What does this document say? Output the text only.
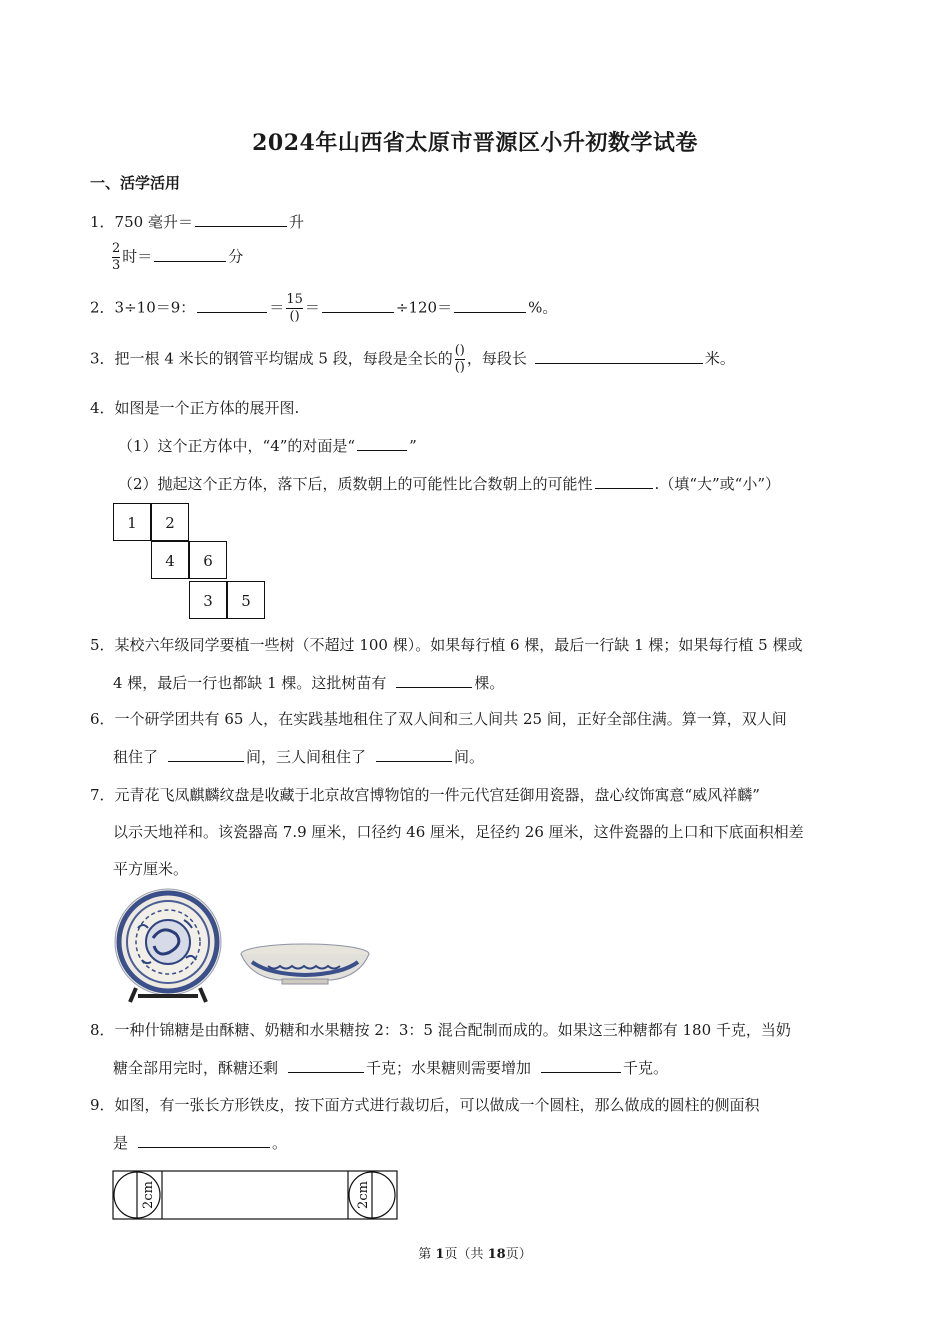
2024年山西省太原市晋源区小升初数学试卷
一、活学活用
1．750 毫升＝	升
$\frac{2}{3}$ 时＝	分
2．3÷10＝9：	＝ $\frac{15}{()}$ ＝	÷120＝	%。
3．把一根 4 米长的钢管平均锯成 5 段，每段是全长的 $\frac{()}{()}$ ，每段长	米。
4．如图是一个正方体的展开图.
（1）这个正方体中，“4”的对面是“	”
（2）抛起这个正方体，落下后，质数朝上的可能性比合数朝上的可能性	.（填“大”或“小”）
1	2
4	6
3	5
5．某校六年级同学要植一些树（不超过 100 棵）。如果每行植 6 棵，最后一行缺 1 棵；如果每行植 5 棵或
4 棵，最后一行也都缺 1 棵。这批树苗有	棵。
6．一个研学团共有 65 人，在实践基地租住了双人间和三人间共 25 间，正好全部住满。算一算，双人间
租住了	间，三人间租住了	间。
7．元青花飞凤麒麟纹盘是收藏于北京故宫博物馆的一件元代宫廷御用瓷器，盘心纹饰寓意“威风祥麟”
以示天地祥和。该瓷器高 7.9 厘米，口径约 46 厘米，足径约 26 厘米，这件瓷器的上口和下底面积相差
平方厘米。
8．一种什锦糖是由酥糖、奶糖和水果糖按 2：3：5 混合配制而成的。如果这三种糖都有 180 千克，当奶
糖全部用完时，酥糖还剩	千克；水果糖则需要增加	千克。
9．如图，有一张长方形铁皮，按下面方式进行裁切后，可以做成一个圆柱，那么做成的圆柱的侧面积
是	。
2cm	2cm
第 1页（共 18页）
